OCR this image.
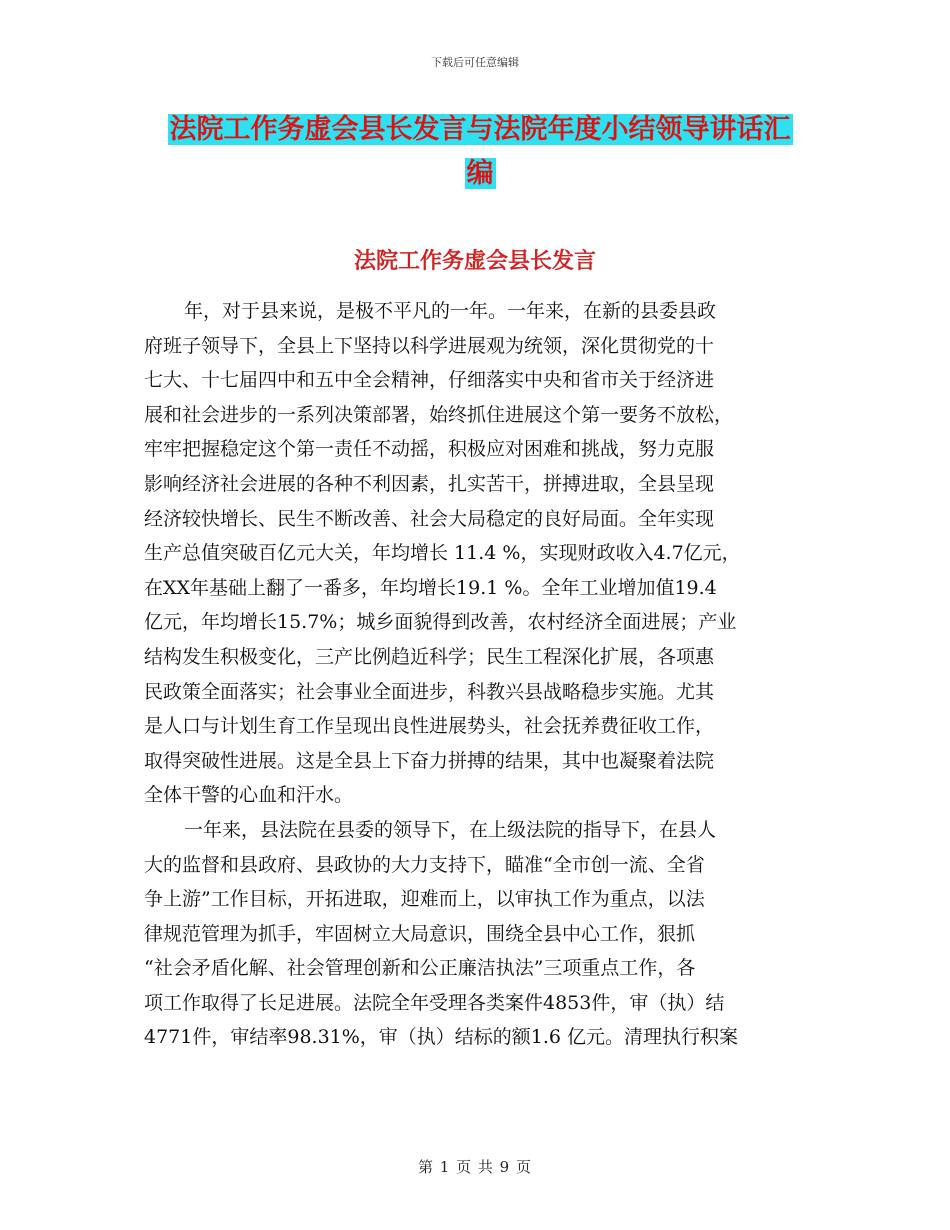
下载后可任意编辑
法院工作务虚会县长发言与法院年度小结领导讲话汇
编
法院工作务虚会县长发言

年，对于县来说，是极不平凡的一年。一年来，在新的县委县政
府班子领导下，全县上下坚持以科学进展观为统领，深化贯彻党的十
七大、十七届四中和五中全会精神，仔细落实中央和省市关于经济进
展和社会进步的一系列决策部署，始终抓住进展这个第一要务不放松，
牢牢把握稳定这个第一责任不动摇，积极应对困难和挑战，努力克服
影响经济社会进展的各种不利因素，扎实苦干，拼搏进取，全县呈现
经济较快增长、民生不断改善、社会大局稳定的良好局面。全年实现
生产总值突破百亿元大关，年均增长 11.4 %，实现财政收入4.7亿元，
在XX年基础上翻了一番多，年均增长19.1 %。全年工业增加值19.4
亿元，年均增长15.7%；城乡面貌得到改善，农村经济全面进展；产业
结构发生积极变化，三产比例趋近科学；民生工程深化扩展，各项惠
民政策全面落实；社会事业全面进步，科教兴县战略稳步实施。尤其
是人口与计划生育工作呈现出良性进展势头，社会抚养费征收工作，
取得突破性进展。这是全县上下奋力拼搏的结果，其中也凝聚着法院
全体干警的心血和汗水。

一年来，县法院在县委的领导下，在上级法院的指导下，在县人
大的监督和县政府、县政协的大力支持下，瞄准“全市创一流、全省
争上游”工作目标，开拓进取，迎难而上，以审执工作为重点，以法
律规范管理为抓手，牢固树立大局意识，围绕全县中心工作，狠抓
“社会矛盾化解、社会管理创新和公正廉洁执法”三项重点工作，各
项工作取得了长足进展。法院全年受理各类案件4853件，审（执）结
4771件，审结率98.31%，审（执）结标的额1.6 亿元。清理执行积案

第 1 页 共 9 页
